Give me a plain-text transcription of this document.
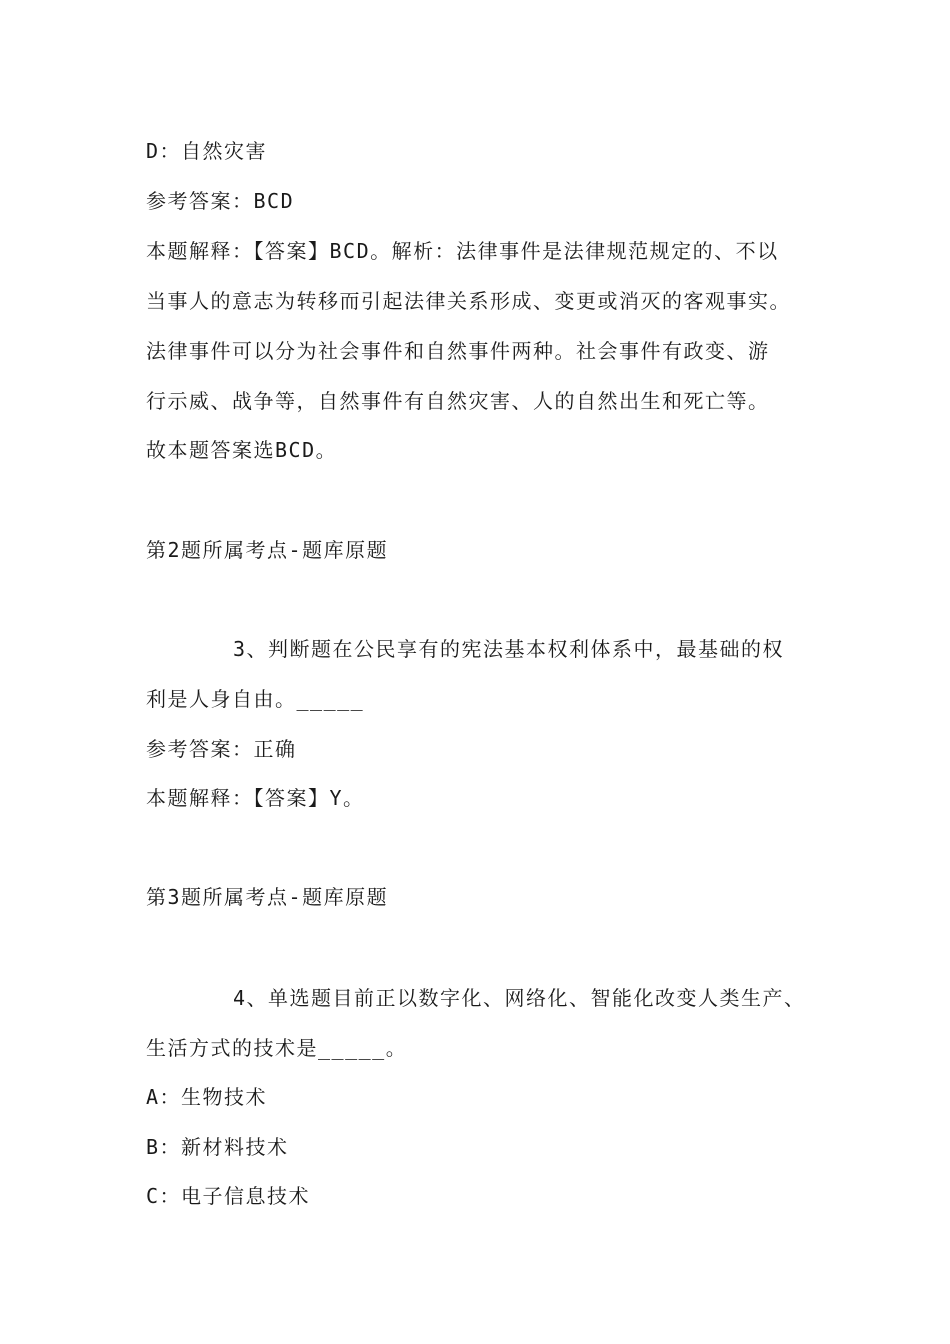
D：自然灾害
参考答案：BCD
本题解释：【答案】BCD。解析：法律事件是法律规范规定的、不以
当事人的意志为转移而引起法律关系形成、变更或消灭的客观事实。
法律事件可以分为社会事件和自然事件两种。社会事件有政变、游
行示威、战争等，自然事件有自然灾害、人的自然出生和死亡等。
故本题答案选BCD。
第2题所属考点-题库原题
3、判断题在公民享有的宪法基本权利体系中，最基础的权
利是人身自由。_____
参考答案：正确
本题解释：【答案】Y。
第3题所属考点-题库原题
4、单选题目前正以数字化、网络化、智能化改变人类生产、
生活方式的技术是_____。
A：生物技术
B：新材料技术
C：电子信息技术
